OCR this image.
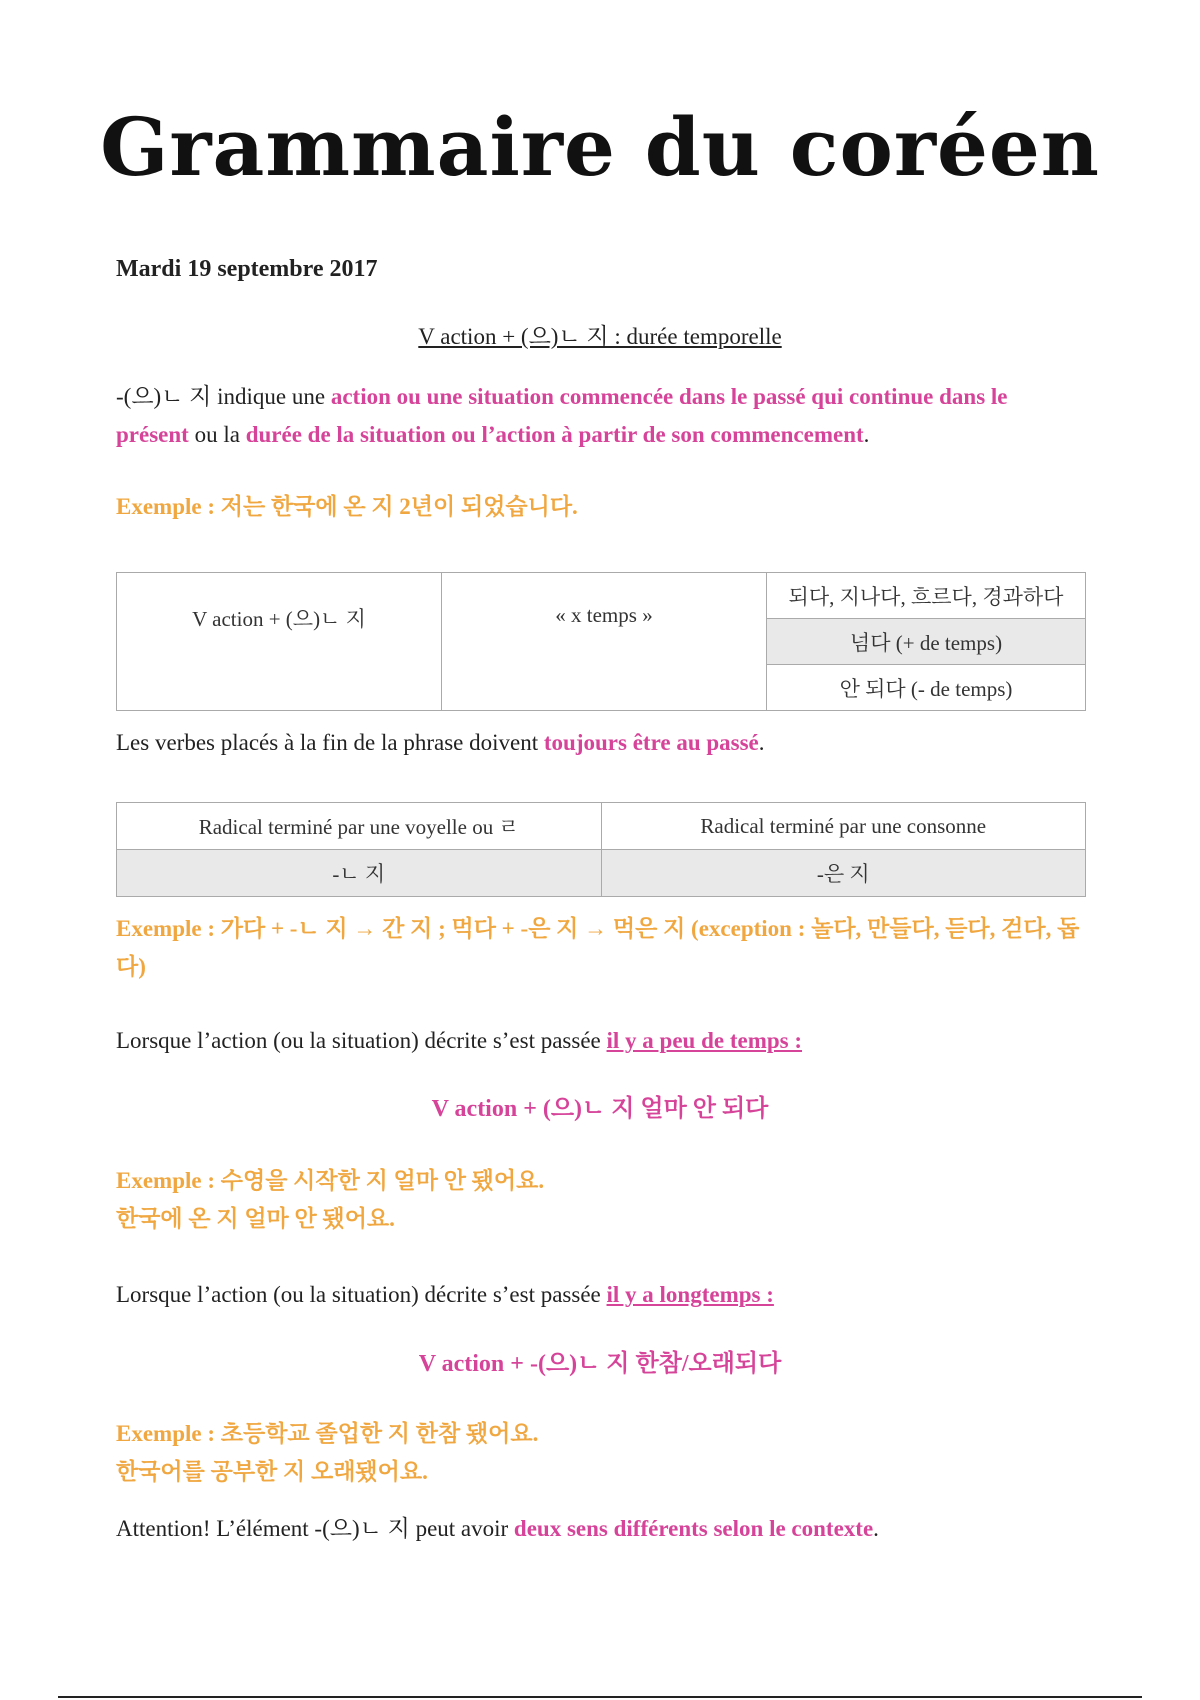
Grammaire du coréen
Mardi 19 septembre 2017
V action + (으)ㄴ 지 : durée temporelle
-(으)ㄴ 지 indique une action ou une situation commencée dans le passé qui continue dans le présent ou la durée de la situation ou l’action à partir de son commencement.
Exemple : 저는 한국에 온 지 2년이 되었습니다.
V action + (으)ㄴ 지	« x temps »	되다, 지나다, 흐르다, 경과하다
넘다 (+ de temps)
안 되다 (- de temps)
Les verbes placés à la fin de la phrase doivent toujours être au passé.
Radical terminé par une voyelle ou ㄹ	Radical terminé par une consonne
-ㄴ 지	-은 지
Exemple : 가다 + -ㄴ 지 → 간 지 ; 먹다 + -은 지 → 먹은 지 (exception : 놀다, 만들다, 듣다, 걷다, 돕다)
Lorsque l’action (ou la situation) décrite s’est passée il y a peu de temps :
V action + (으)ㄴ 지 얼마 안 되다
Exemple : 수영을 시작한 지 얼마 안 됐어요.
한국에 온 지 얼마 안 됐어요.
Lorsque l’action (ou la situation) décrite s’est passée il y a longtemps :
V action + -(으)ㄴ 지 한참/오래되다
Exemple : 초등학교 졸업한 지 한참 됐어요.
한국어를 공부한 지 오래됐어요.
Attention! L’élément -(으)ㄴ 지 peut avoir deux sens différents selon le contexte.
